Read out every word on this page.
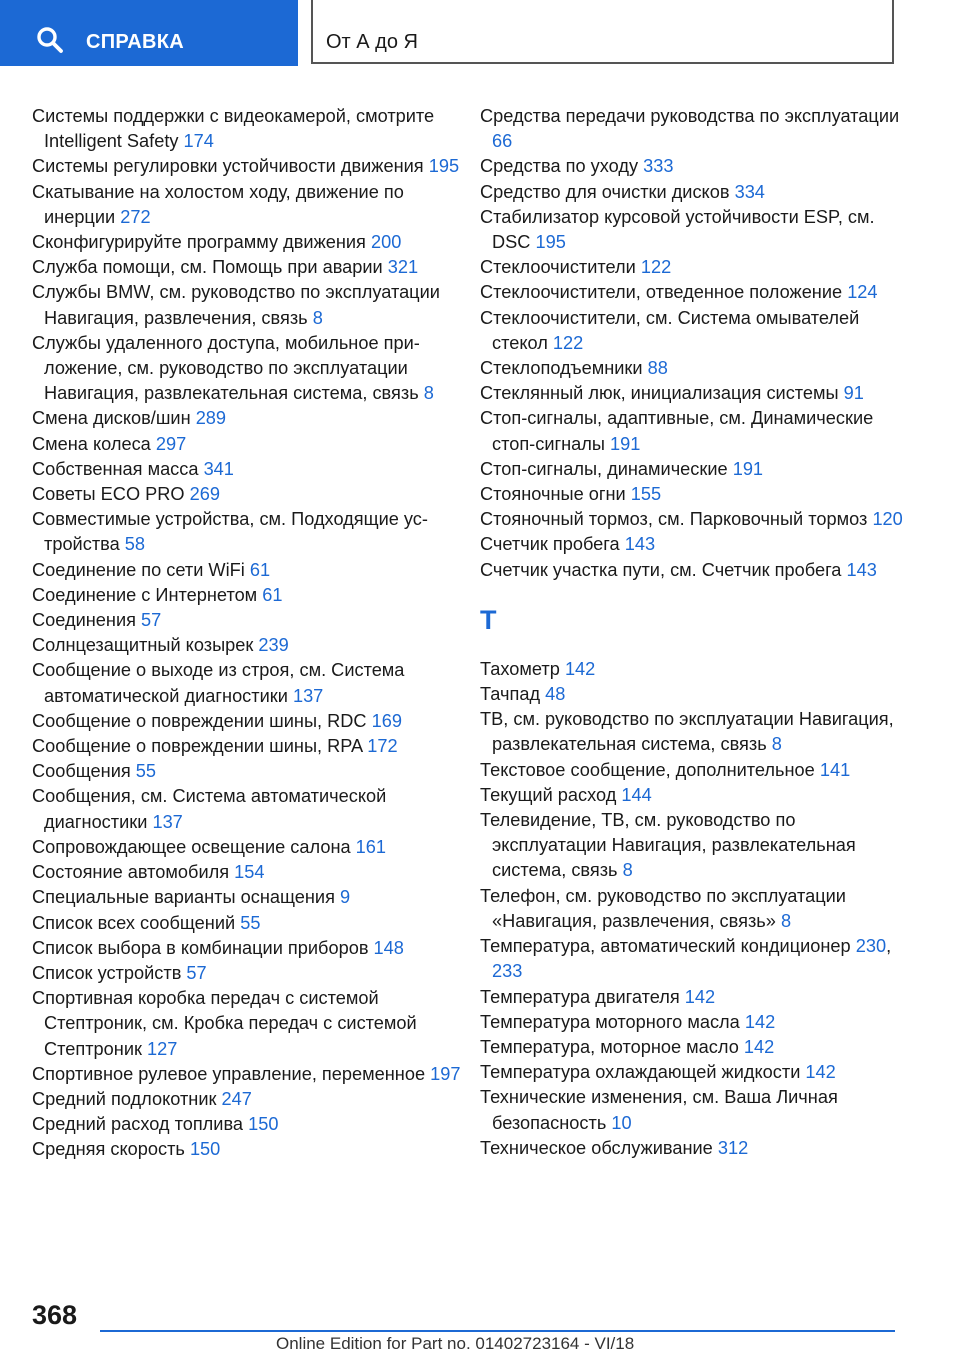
СПРАВКА	От А до Я
Системы поддержки с видеокамерой, смотрите Intelligent Safety 174
Системы регулировки устойчивости движения 195
Скатывание на холостом ходу, движение по инерции 272
Сконфигурируйте программу движения 200
Служба помощи, см. Помощь при аварии 321
Службы BMW, см. руководство по эксплуатации Навигация, развлечения, связь 8
Службы удаленного доступа, мобильное приложение, см. руководство по эксплуатации Навигация, развлекательная система, связь 8
Смена дисков/шин 289
Смена колеса 297
Собственная масса 341
Советы ECO PRO 269
Совместимые устройства, см. Подходящие устройства 58
Соединение по сети WiFi 61
Соединение с Интернетом 61
Соединения 57
Солнцезащитный козырек 239
Сообщение о выходе из строя, см. Система автоматической диагностики 137
Сообщение о повреждении шины, RDC 169
Сообщение о повреждении шины, RPA 172
Сообщения 55
Сообщения, см. Система автоматической диагностики 137
Сопровождающее освещение салона 161
Состояние автомобиля 154
Специальные варианты оснащения 9
Список всех сообщений 55
Список выбора в комбинации приборов 148
Список устройств 57
Спортивная коробка передач с системой Стептроник, см. Кробка передач с системой Стептроник 127
Спортивное рулевое управление, переменное 197
Средний подлокотник 247
Средний расход топлива 150
Средняя скорость 150
Средства передачи руководства по эксплуатации 66
Средства по уходу 333
Средство для очистки дисков 334
Стабилизатор курсовой устойчивости ESP, см. DSC 195
Стеклоочистители 122
Стеклоочистители, отведенное положение 124
Стеклоочистители, см. Система омывателей стекол 122
Стеклоподъемники 88
Стеклянный люк, инициализация системы 91
Стоп-сигналы, адаптивные, см. Динамические стоп-сигналы 191
Стоп-сигналы, динамические 191
Стояночные огни 155
Стояночный тормоз, см. Парковочный тормоз 120
Счетчик пробега 143
Счетчик участка пути, см. Счетчик пробега 143
Т
Тахометр 142
Тачпад 48
ТВ, см. руководство по эксплуатации Навигация, развлекательная система, связь 8
Текстовое сообщение, дополнительное 141
Текущий расход 144
Телевидение, ТВ, см. руководство по эксплуатации Навигация, развлекательная система, связь 8
Телефон, см. руководство по эксплуатации «Навигация, развлечения, связь» 8
Температура, автоматический кондиционер 230, 233
Температура двигателя 142
Температура моторного масла 142
Температура, моторное масло 142
Температура охлаждающей жидкости 142
Технические изменения, см. Ваша Личная безопасность 10
Техническое обслуживание 312
368
Online Edition for Part no. 01402723164 - VI/18
